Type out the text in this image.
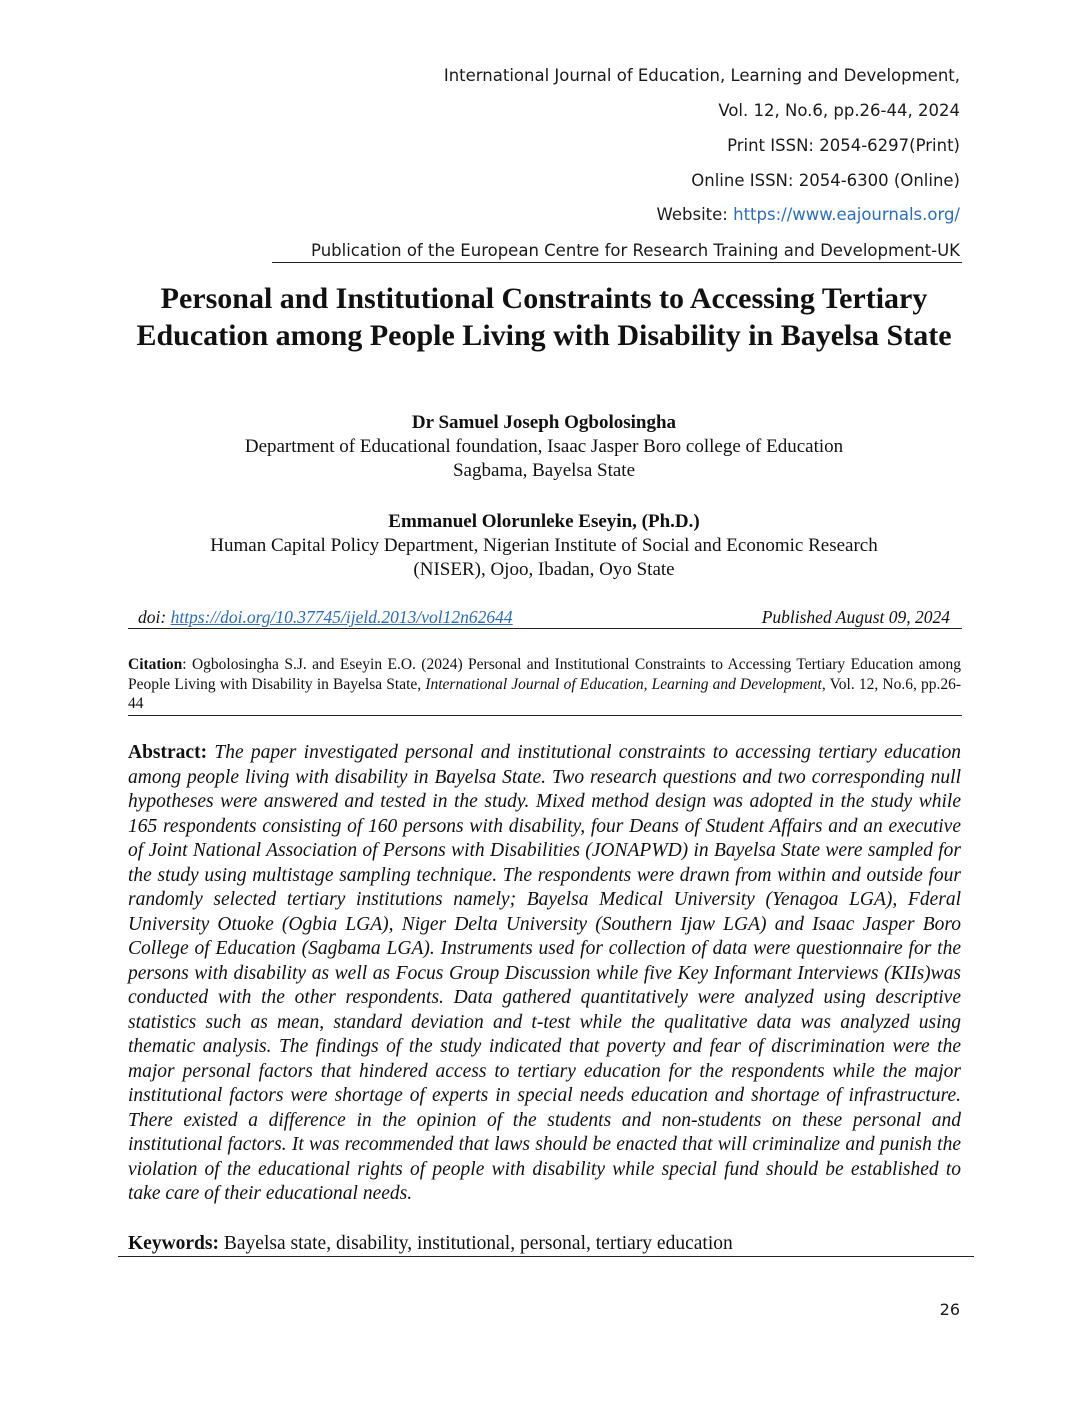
International Journal of Education, Learning and Development,
Vol. 12, No.6, pp.26-44, 2024
Print ISSN: 2054-6297(Print)
Online ISSN: 2054-6300 (Online)
Website: https://www.eajournals.org/
Publication of the European Centre for Research Training and Development-UK
Personal and Institutional Constraints to Accessing Tertiary Education among People Living with Disability in Bayelsa State
Dr Samuel Joseph Ogbolosingha
Department of Educational foundation, Isaac Jasper Boro college of Education
Sagbama, Bayelsa State
Emmanuel Olorunleke Eseyin, (Ph.D.)
Human Capital Policy Department, Nigerian Institute of Social and Economic Research
(NISER), Ojoo, Ibadan, Oyo State
doi: https://doi.org/10.37745/ijeld.2013/vol12n62644	Published August 09, 2024
Citation: Ogbolosingha S.J. and Eseyin E.O. (2024) Personal and Institutional Constraints to Accessing Tertiary Education among People Living with Disability in Bayelsa State, International Journal of Education, Learning and Development, Vol. 12, No.6, pp.26-44
Abstract: The paper investigated personal and institutional constraints to accessing tertiary education among people living with disability in Bayelsa State. Two research questions and two corresponding null hypotheses were answered and tested in the study. Mixed method design was adopted in the study while 165 respondents consisting of 160 persons with disability, four Deans of Student Affairs and an executive of Joint National Association of Persons with Disabilities (JONAPWD) in Bayelsa State were sampled for the study using multistage sampling technique. The respondents were drawn from within and outside four randomly selected tertiary institutions namely; Bayelsa Medical University (Yenagoa LGA), Fderal University Otuoke (Ogbia LGA), Niger Delta University (Southern Ijaw LGA) and Isaac Jasper Boro College of Education (Sagbama LGA). Instruments used for collection of data were questionnaire for the persons with disability as well as Focus Group Discussion while five Key Informant Interviews (KIIs)was conducted with the other respondents. Data gathered quantitatively were analyzed using descriptive statistics such as mean, standard deviation and t-test while the qualitative data was analyzed using thematic analysis. The findings of the study indicated that poverty and fear of discrimination were the major personal factors that hindered access to tertiary education for the respondents while the major institutional factors were shortage of experts in special needs education and shortage of infrastructure. There existed a difference in the opinion of the students and non-students on these personal and institutional factors. It was recommended that laws should be enacted that will criminalize and punish the violation of the educational rights of people with disability while special fund should be established to take care of their educational needs.
Keywords: Bayelsa state, disability, institutional, personal, tertiary education
26
